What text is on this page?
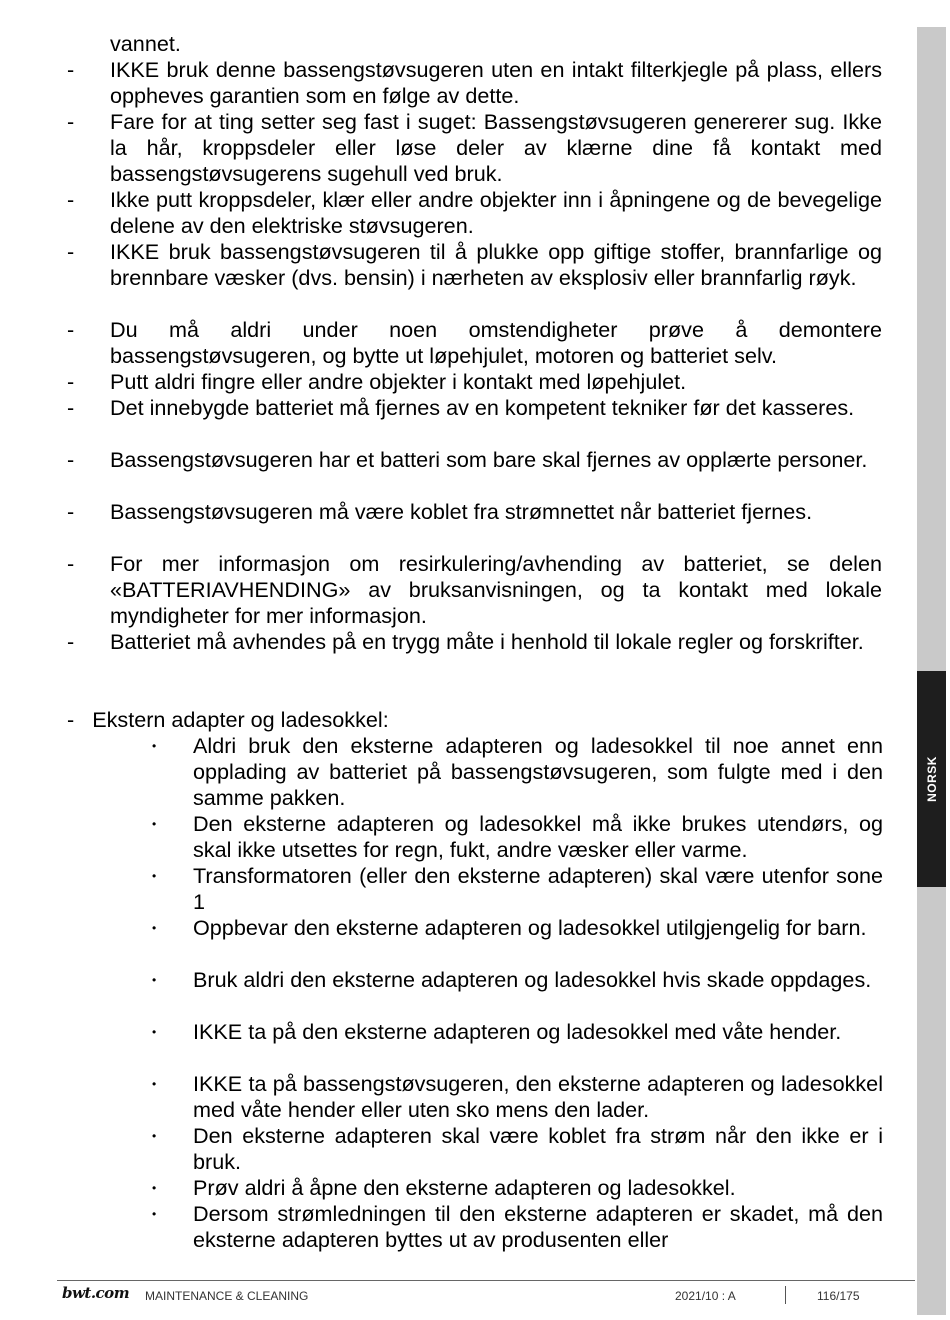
NORSK
vannet.
-	IKKE bruk denne bassengstøvsugeren uten en intakt filterkjegle på plass, ellers oppheves garantien som en følge av dette.
-	Fare for at ting setter seg fast i suget: Bassengstøvsugeren genererer sug. Ikke la hår, kroppsdeler eller løse deler av klærne dine få kontakt med bassengstøvsugerens sugehull ved bruk.
-	Ikke putt kroppsdeler, klær eller andre objekter inn i åpningene og de bevegelige delene av den elektriske støvsugeren.
-	IKKE bruk bassengstøvsugeren til å plukke opp giftige stoffer, brannfarlige og brennbare væsker (dvs. bensin) i nærheten av eksplosiv eller brannfarlig røyk.
-	Du må aldri under noen omstendigheter prøve å demontere bassengstøvsugeren, og bytte ut løpehjulet, motoren og batteriet selv.
-	Putt aldri fingre eller andre objekter i kontakt med løpehjulet.
-	Det innebygde batteriet må fjernes av en kompetent tekniker før det kasseres.
-	Bassengstøvsugeren har et batteri som bare skal fjernes av opplærte personer.
-	Bassengstøvsugeren må være koblet fra strømnettet når batteriet fjernes.
-	For mer informasjon om resirkulering/avhending av batteriet, se delen «BATTERIAVHENDING» av bruksanvisningen, og ta kontakt med lokale myndigheter for mer informasjon.
-	Batteriet må avhendes på en trygg måte i henhold til lokale regler og forskrifter.
- Ekstern adapter og ladesokkel:
• Aldri bruk den eksterne adapteren og ladesokkel til noe annet enn opplading av batteriet på bassengstøvsugeren, som fulgte med i den samme pakken.
• Den eksterne adapteren og ladesokkel må ikke brukes utendørs, og skal ikke utsettes for regn, fukt, andre væsker eller varme.
• Transformatoren (eller den eksterne adapteren) skal være utenfor sone 1
• Oppbevar den eksterne adapteren og ladesokkel utilgjengelig for barn.
• Bruk aldri den eksterne adapteren og ladesokkel hvis skade oppdages.
• IKKE ta på den eksterne adapteren og ladesokkel med våte hender.
• IKKE ta på bassengstøvsugeren, den eksterne adapteren og ladesokkel med våte hender eller uten sko mens den lader.
• Den eksterne adapteren skal være koblet fra strøm når den ikke er i bruk.
• Prøv aldri å åpne den eksterne adapteren og ladesokkel.
• Dersom strømledningen til den eksterne adapteren er skadet, må den eksterne adapteren byttes ut av produsenten eller
bwt.com MAINTENANCE & CLEANING	2021/10 : A	116/175
